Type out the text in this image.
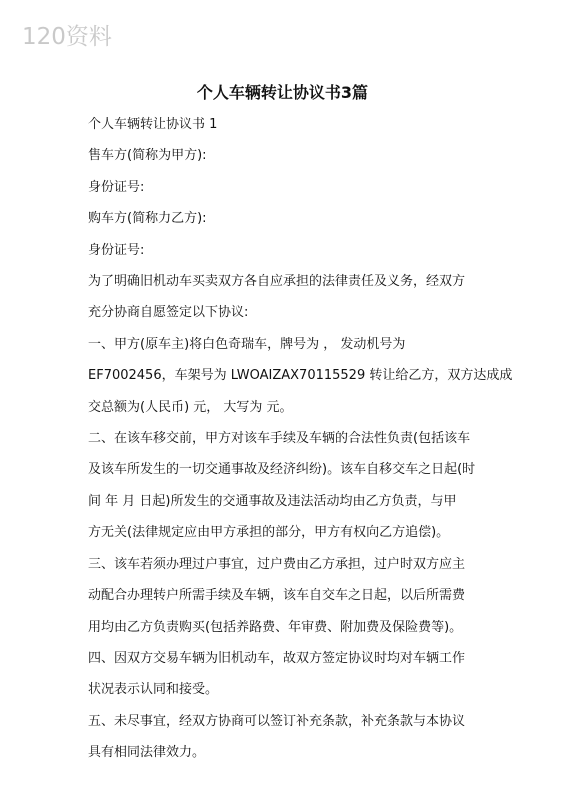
120资料
个人车辆转让协议书3篇

个人车辆转让协议书 1

售车方(简称为甲方):

身份证号:

购车方(简称力乙方):

身份证号:

为了明确旧机动车买卖双方各自应承担的法律责任及义务，经双方

充分协商自愿签定以下协议:

一、甲方(原车主)将白色奇瑞车，牌号为 ， 发动机号为

EF7002456，车架号为 LWOAIZAX70115529 转让给乙方，双方达成成

交总额为(人民币) 元， 大写为 元。

二、在该车移交前，甲方对该车手续及车辆的合法性负责(包括该车

及该车所发生的一切交通事故及经济纠纷)。该车自移交车之日起(时

间 年 月 日起)所发生的交通事故及违法活动均由乙方负责，与甲

方无关(法律规定应由甲方承担的部分，甲方有权向乙方追偿)。

三、该车若须办理过户事宜，过户费由乙方承担，过户时双方应主

动配合办理转户所需手续及车辆，该车自交车之日起，以后所需费

用均由乙方负责购买(包括养路费、年审费、附加费及保险费等)。

四、因双方交易车辆为旧机动车，故双方签定协议时均对车辆工作

状况表示认同和接受。

五、未尽事宜，经双方协商可以签订补充条款，补充条款与本协议

具有相同法律效力。
